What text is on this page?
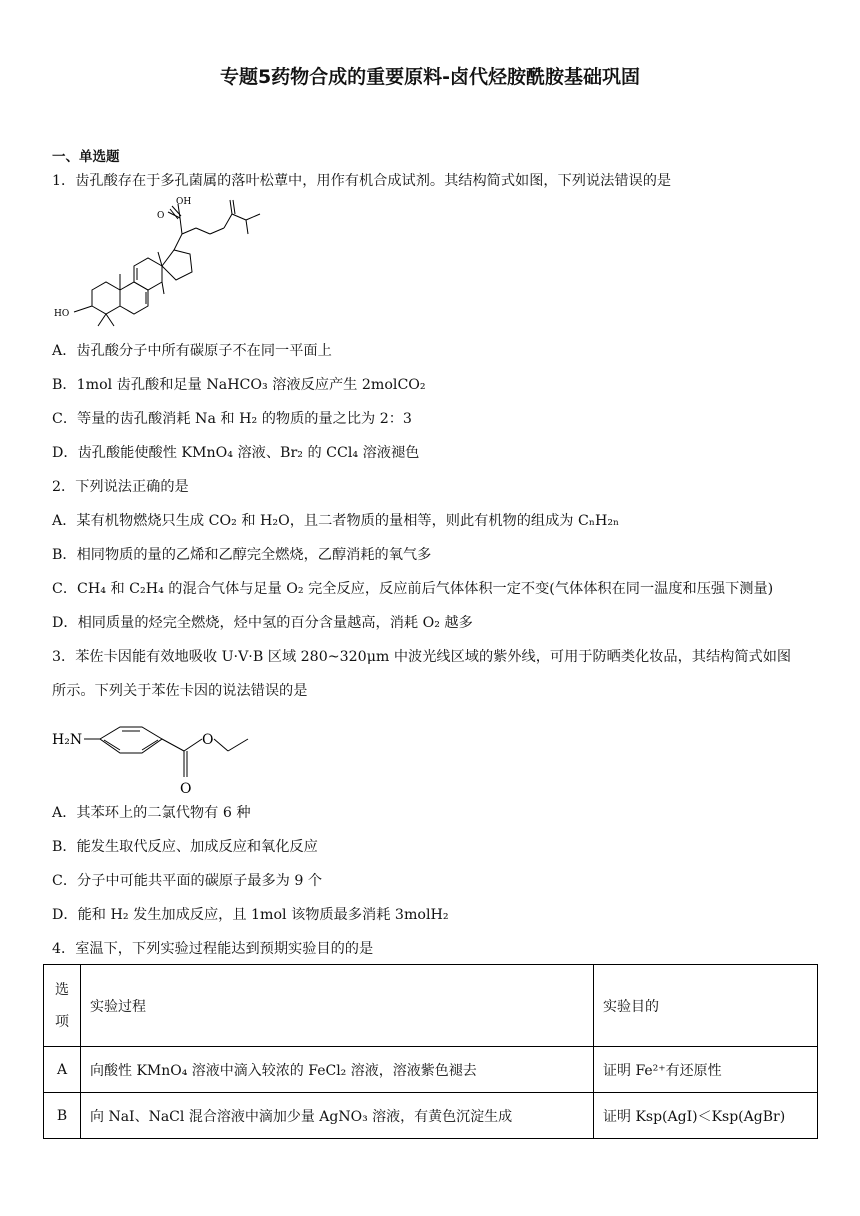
专题5药物合成的重要原料-卤代烃胺酰胺基础巩固
一、单选题
1．齿孔酸存在于多孔菌属的落叶松蕈中，用作有机合成试剂。其结构简式如图，下列说法错误的是
OH
O
HO
A．齿孔酸分子中所有碳原子不在同一平面上
B．1mol 齿孔酸和足量 NaHCO₃ 溶液反应产生 2molCO₂
C．等量的齿孔酸消耗 Na 和 H₂ 的物质的量之比为 2：3
D．齿孔酸能使酸性 KMnO₄ 溶液、Br₂ 的 CCl₄ 溶液褪色
2．下列说法正确的是
A．某有机物燃烧只生成 CO₂ 和 H₂O，且二者物质的量相等，则此有机物的组成为 CₙH₂ₙ
B．相同物质的量的乙烯和乙醇完全燃烧，乙醇消耗的氧气多
C．CH₄ 和 C₂H₄ 的混合气体与足量 O₂ 完全反应，反应前后气体体积一定不变(气体体积在同一温度和压强下测量)
D．相同质量的烃完全燃烧，烃中氢的百分含量越高，消耗 O₂ 越多
3．苯佐卡因能有效地吸收 U·V·B 区域 280~320μm 中波光线区域的紫外线，可用于防晒类化妆品，其结构简式如图
所示。下列关于苯佐卡因的说法错误的是
H₂N	O
O
A．其苯环上的二氯代物有 6 种
B．能发生取代反应、加成反应和氧化反应
C．分子中可能共平面的碳原子最多为 9 个
D．能和 H₂ 发生加成反应，且 1mol 该物质最多消耗 3molH₂
4．室温下，下列实验过程能达到预期实验目的的是
选
项	实验过程	实验目的
A	向酸性 KMnO₄ 溶液中滴入较浓的 FeCl₂ 溶液，溶液紫色褪去	证明 Fe²⁺有还原性
B	向 NaI、NaCl 混合溶液中滴加少量 AgNO₃ 溶液，有黄色沉淀生成	证明 Ksp(AgI)＜Ksp(AgBr)
